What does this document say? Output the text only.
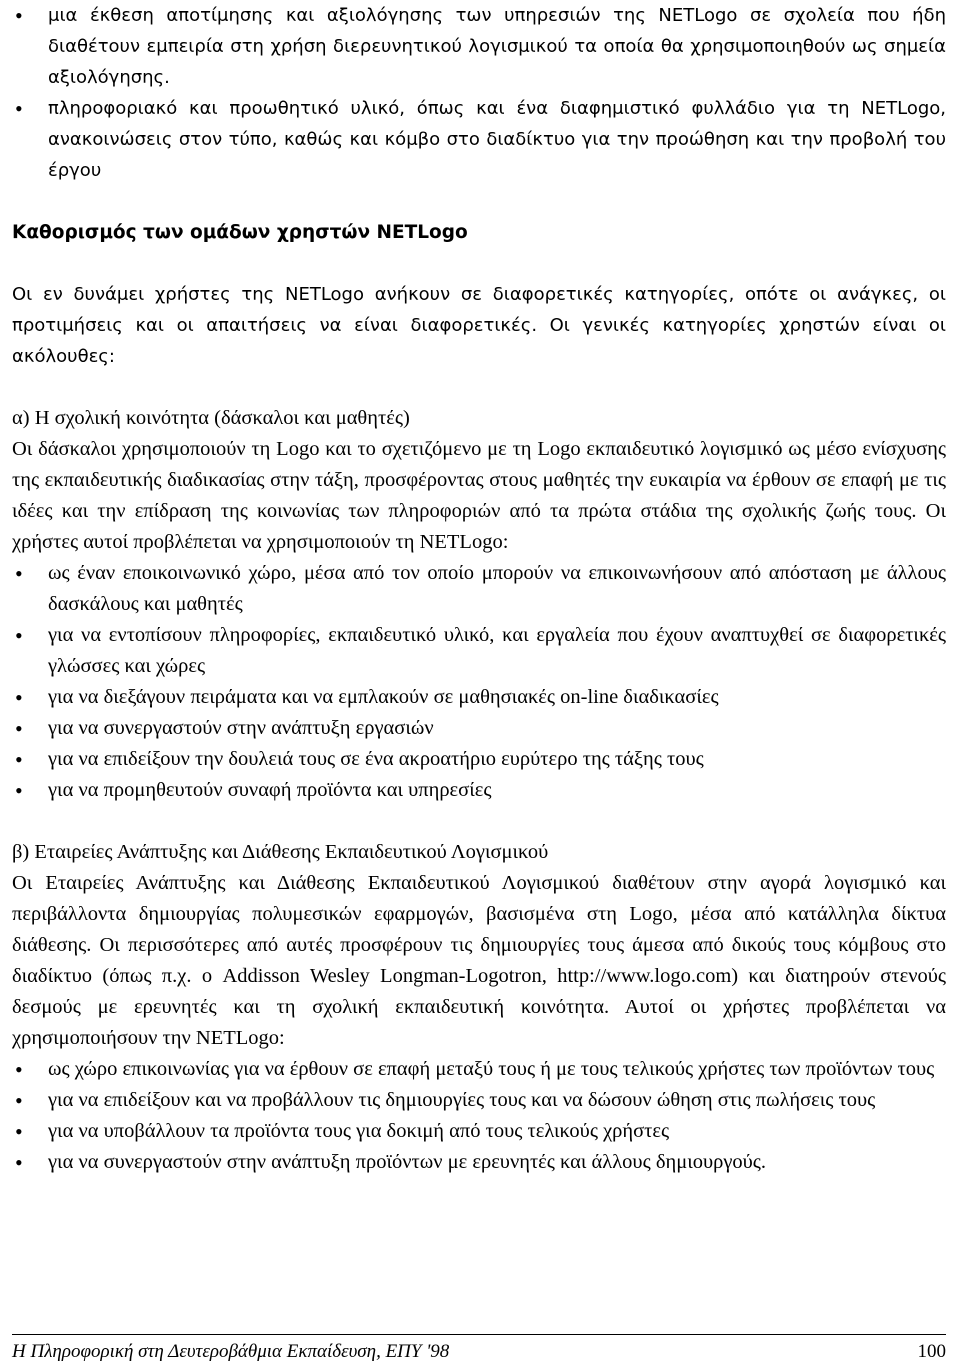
• μια έκθεση αποτίμησης και αξιολόγησης των υπηρεσιών της NETLogo σε σχολεία που ήδη διαθέτουν εμπειρία στη χρήση διερευνητικού λογισμικού τα οποία θα χρησιμοποιηθούν ως σημεία αξιολόγησης.
• πληροφοριακό και προωθητικό υλικό, όπως και ένα διαφημιστικό φυλλάδιο για τη NETLogo, ανακοινώσεις στον τύπο, καθώς και κόμβο στο διαδίκτυο για την προώθηση και την προβολή του έργου
Καθορισμός των ομάδων χρηστών NETLogo

Οι εν δυνάμει χρήστες της NETLogo ανήκουν σε διαφορετικές κατηγορίες, οπότε οι ανάγκες, οι προτιμήσεις και οι απαιτήσεις να είναι διαφορετικές. Οι γενικές κατηγορίες χρηστών είναι οι ακόλουθες:

α) Η σχολική κοινότητα (δάσκαλοι και μαθητές)

Οι δάσκαλοι χρησιμοποιούν τη Logo και το σχετιζόμενο με τη Logo εκπαιδευτικό λογισμικό ως μέσο ενίσχυσης της εκπαιδευτικής διαδικασίας στην τάξη, προσφέροντας στους μαθητές την ευκαιρία να έρθουν σε επαφή με τις ιδέες και την επίδραση της κοινωνίας των πληροφοριών από τα πρώτα στάδια της σχολικής ζωής τους. Οι χρήστες αυτοί προβλέπεται να χρησιμοποιούν τη NETLogo:

• ως έναν εποικοινωνικό χώρο, μέσα από τον οποίο μπορούν να επικοινωνήσουν από απόσταση με άλλους δασκάλους και μαθητές
• για να εντοπίσουν πληροφορίες, εκπαιδευτικό υλικό, και εργαλεία που έχουν αναπτυχθεί σε διαφορετικές γλώσσες και χώρες
• για να διεξάγουν πειράματα και να εμπλακούν σε μαθησιακές on-line διαδικασίες
• για να συνεργαστούν στην ανάπτυξη εργασιών
• για να επιδείξουν την δουλειά τους σε ένα ακροατήριο ευρύτερο της τάξης τους
• για να προμηθευτούν συναφή προϊόντα και υπηρεσίες

β) Εταιρείες Ανάπτυξης και Διάθεσης Εκπαιδευτικού Λογισμικού

Οι Εταιρείες Ανάπτυξης και Διάθεσης Εκπαιδευτικού Λογισμικού διαθέτουν στην αγορά λογισμικό και περιβάλλοντα δημιουργίας πολυμεσικών εφαρμογών, βασισμένα στη Logo, μέσα από κατάλληλα δίκτυα διάθεσης. Οι περισσότερες από αυτές προσφέρουν τις δημιουργίες τους άμεσα από δικούς τους κόμβους στο διαδίκτυο (όπως π.χ. ο Addisson Wesley Longman-Logotron, http://www.logo.com) και διατηρούν στενούς δεσμούς με ερευνητές και τη σχολική εκπαιδευτική κοινότητα. Αυτοί οι χρήστες προβλέπεται να χρησιμοποιήσουν την NETLogo:

• ως χώρο επικοινωνίας για να έρθουν σε επαφή μεταξύ τους ή με τους τελικούς χρήστες των προϊόντων τους
• για να επιδείξουν και να προβάλλουν τις δημιουργίες τους και να δώσουν ώθηση στις πωλήσεις τους
• για να υποβάλλουν τα προϊόντα τους για δοκιμή από τους τελικούς χρήστες
• για να συνεργαστούν στην ανάπτυξη προϊόντων με ερευνητές και άλλους δημιουργούς.
Η Πληροφορική στη Δευτεροβάθμια Εκπαίδευση, ΕΠΥ '98	100
